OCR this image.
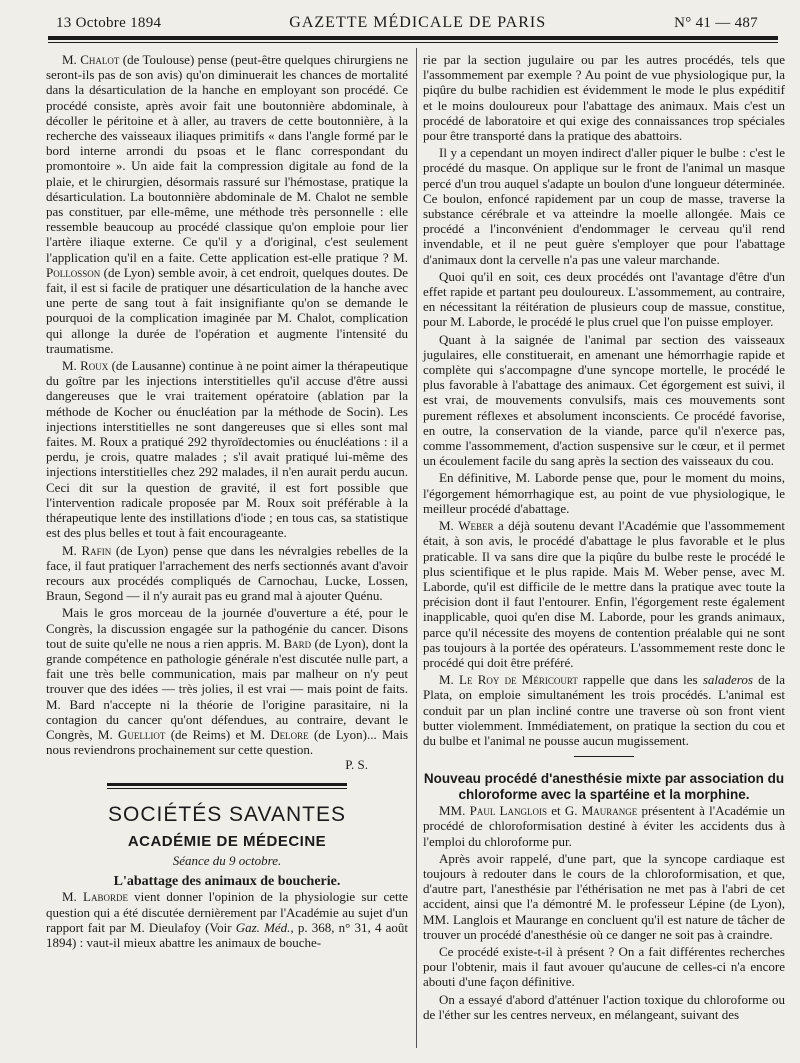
13 Octobre 1894	GAZETTE MÉDICALE DE PARIS	N° 41 — 487

M. Chalot (de Toulouse) pense (peut-être quelques chirurgiens ne seront-ils pas de son avis) qu'on diminuerait les chances de mortalité dans la désarticulation de la hanche en employant son procédé. Ce procédé consiste, après avoir fait une boutonnière abdominale, à décoller le péritoine et à aller, au travers de cette boutonnière, à la recherche des vaisseaux iliaques primitifs « dans l'angle formé par le bord interne arrondi du psoas et le flanc correspondant du promontoire ». Un aide fait la compression digitale au fond de la plaie, et le chirurgien, désormais rassuré sur l'hémostase, pratique la désarticulation. La boutonnière abdominale de M. Chalot ne semble pas constituer, par elle-même, une méthode très personnelle : elle ressemble beaucoup au procédé classique qu'on emploie pour lier l'artère iliaque externe. Ce qu'il y a d'original, c'est seulement l'application qu'il en a faite. Cette application est-elle pratique ? M. Pollosson (de Lyon) semble avoir, à cet endroit, quelques doutes. De fait, il est si facile de pratiquer une désarticulation de la hanche avec une perte de sang tout à fait insignifiante qu'on se demande le pourquoi de la complication imaginée par M. Chalot, complication qui allonge la durée de l'opération et augmente l'intensité du traumatisme.

M. Roux (de Lausanne) continue à ne point aimer la thérapeutique du goître par les injections interstitielles qu'il accuse d'être aussi dangereuses que le vrai traitement opératoire (ablation par la méthode de Kocher ou énucléation par la méthode de Socin). Les injections interstitielles ne sont dangereuses que si elles sont mal faites. M. Roux a pratiqué 292 thyroïdectomies ou énucléations : il a perdu, je crois, quatre malades ; s'il avait pratiqué lui-même des injections interstitielles chez 292 malades, il n'en aurait perdu aucun. Ceci dit sur la question de gravité, il est fort possible que l'intervention radicale proposée par M. Roux soit préférable à la thérapeutique lente des instillations d'iode ; en tous cas, sa statistique est des plus belles et tout à fait encourageante.

M. Rafin (de Lyon) pense que dans les névralgies rebelles de la face, il faut pratiquer l'arrachement des nerfs sectionnés avant d'avoir recours aux procédés compliqués de Carnochau, Lucke, Lossen, Braun, Segond — il n'y aurait pas eu grand mal à ajouter Quénu.

Mais le gros morceau de la journée d'ouverture a été, pour le Congrès, la discussion engagée sur la pathogénie du cancer. Disons tout de suite qu'elle ne nous a rien appris. M. Bard (de Lyon), dont la grande compétence en pathologie générale n'est discutée nulle part, a fait une très belle communication, mais par malheur on n'y peut trouver que des idées — très jolies, il est vrai — mais point de faits. M. Bard n'accepte ni la théorie de l'origine parasitaire, ni la contagion du cancer qu'ont défendues, au contraire, devant le Congrès, M. Guelliot (de Reims) et M. Delore (de Lyon)... Mais nous reviendrons prochainement sur cette question.

P. S.
SOCIÉTÉS SAVANTES
ACADÉMIE DE MÉDECINE
Séance du 9 octobre.
L'abattage des animaux de boucherie.

M. Laborde vient donner l'opinion de la physiologie sur cette question qui a été discutée dernièrement par l'Académie au sujet d'un rapport fait par M. Dieulafoy (Voir Gaz. Méd., p. 368, n° 31, 4 août 1894) : vaut-il mieux abattre les animaux de bouche-

rie par la section jugulaire ou par les autres procédés, tels que l'assommement par exemple ? Au point de vue physiologique pur, la piqûre du bulbe rachidien est évidemment le mode le plus expéditif et le moins douloureux pour l'abattage des animaux. Mais c'est un procédé de laboratoire et qui exige des connaissances trop spéciales pour être transporté dans la pratique des abattoirs.

Il y a cependant un moyen indirect d'aller piquer le bulbe : c'est le procédé du masque. On applique sur le front de l'animal un masque percé d'un trou auquel s'adapte un boulon d'une longueur déterminée. Ce boulon, enfoncé rapidement par un coup de masse, traverse la substance cérébrale et va atteindre la moelle allongée. Mais ce procédé a l'inconvénient d'endommager le cerveau qu'il rend invendable, et il ne peut guère s'employer que pour l'abattage d'animaux dont la cervelle n'a pas une valeur marchande.

Quoi qu'il en soit, ces deux procédés ont l'avantage d'être d'un effet rapide et partant peu douloureux. L'assommement, au contraire, en nécessitant la réitération de plusieurs coup de massue, constitue, pour M. Laborde, le procédé le plus cruel que l'on puisse employer.

Quant à la saignée de l'animal par section des vaisseaux jugulaires, elle constituerait, en amenant une hémorrhagie rapide et complète qui s'accompagne d'une syncope mortelle, le procédé le plus favorable à l'abattage des animaux. Cet égorgement est suivi, il est vrai, de mouvements convulsifs, mais ces mouvements sont purement réflexes et absolument inconscients. Ce procédé favorise, en outre, la conservation de la viande, parce qu'il n'exerce pas, comme l'assommement, d'action suspensive sur le cœur, et il permet un écoulement facile du sang après la section des vaisseaux du cou.

En définitive, M. Laborde pense que, pour le moment du moins, l'égorgement hémorrhagique est, au point de vue physiologique, le meilleur procédé d'abattage.

M. Weber a déjà soutenu devant l'Académie que l'assommement était, à son avis, le procédé d'abattage le plus favorable et le plus praticable. Il va sans dire que la piqûre du bulbe reste le procédé le plus scientifique et le plus rapide. Mais M. Weber pense, avec M. Laborde, qu'il est difficile de le mettre dans la pratique avec toute la précision dont il faut l'entourer. Enfin, l'égorgement reste également inapplicable, quoi qu'en dise M. Laborde, pour les grands animaux, parce qu'il nécessite des moyens de contention préalable qui ne sont pas toujours à la portée des opérateurs. L'assommement reste donc le procédé qui doit être préféré.

M. Le Roy de Méricourt rappelle que dans les saladeros de la Plata, on emploie simultanément les trois procédés. L'animal est conduit par un plan incliné contre une traverse où son front vient butter violemment. Immédiatement, on pratique la section du cou et du bulbe et l'animal ne pousse aucun mugissement.

Nouveau procédé d'anesthésie mixte par association du chloroforme avec la spartéine et la morphine.

MM. Paul Langlois et G. Maurange présentent à l'Académie un procédé de chloroformisation destiné à éviter les accidents dus à l'emploi du chloroforme pur.

Après avoir rappelé, d'une part, que la syncope cardiaque est toujours à redouter dans le cours de la chloroformisation, et que, d'autre part, l'anesthésie par l'éthérisation ne met pas à l'abri de cet accident, ainsi que l'a démontré M. le professeur Lépine (de Lyon), MM. Langlois et Maurange en concluent qu'il est nature de tâcher de trouver un procédé d'anesthésie où ce danger ne soit pas à craindre.

Ce procédé existe-t-il à présent ? On a fait différentes recherches pour l'obtenir, mais il faut avouer qu'aucune de celles-ci n'a encore abouti d'une façon définitive.

On a essayé d'abord d'atténuer l'action toxique du chloroforme ou de l'éther sur les centres nerveux, en mélangeant, suivant des
